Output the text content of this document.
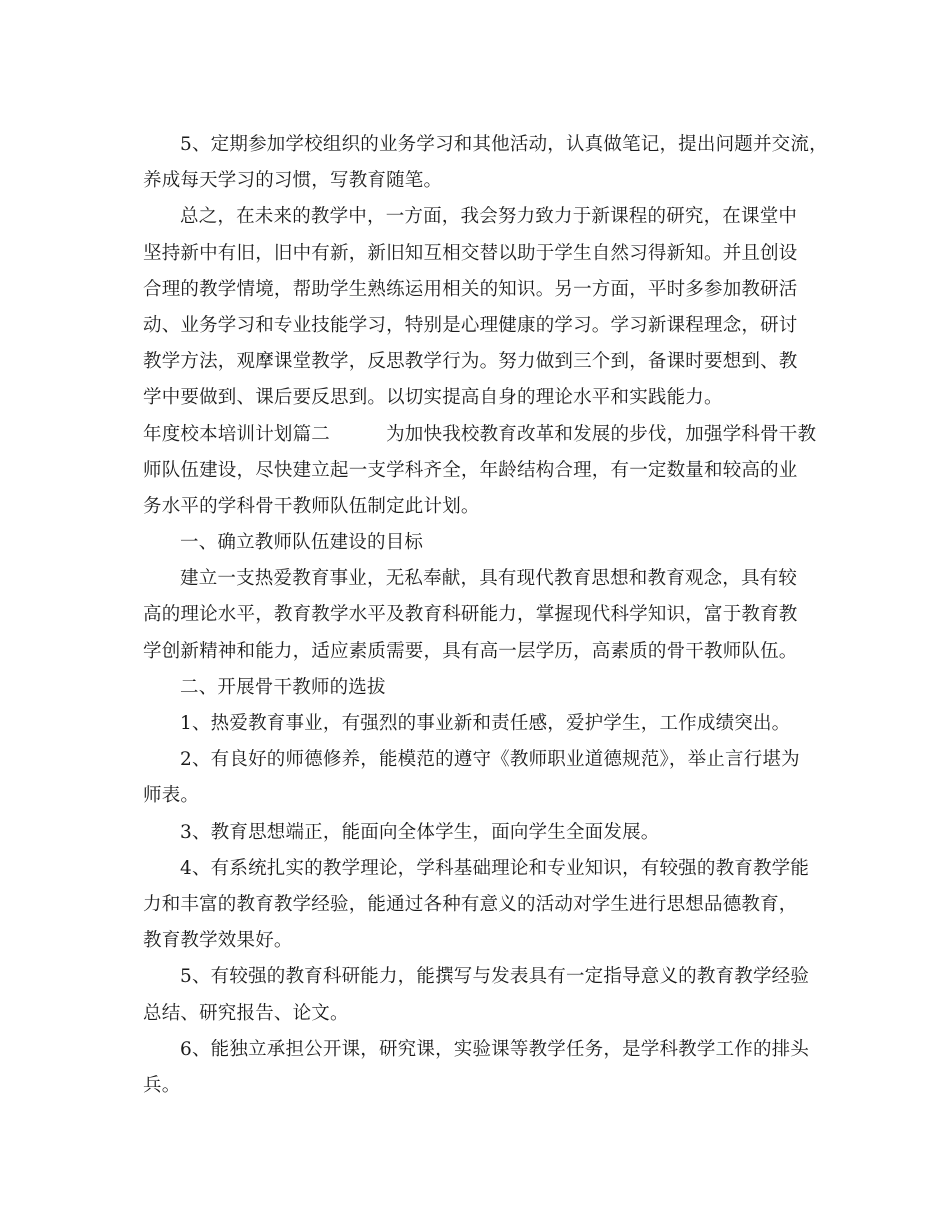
5、定期参加学校组织的业务学习和其他活动，认真做笔记，提出问题并交流，
养成每天学习的习惯，写教育随笔。
总之，在未来的教学中，一方面，我会努力致力于新课程的研究，在课堂中
坚持新中有旧，旧中有新，新旧知互相交替以助于学生自然习得新知。并且创设
合理的教学情境，帮助学生熟练运用相关的知识。另一方面，平时多参加教研活
动、业务学习和专业技能学习，特别是心理健康的学习。学习新课程理念，研讨
教学方法，观摩课堂教学，反思教学行为。努力做到三个到，备课时要想到、教
学中要做到、课后要反思到。以切实提高自身的理论水平和实践能力。
年度校本培训计划篇二　　　为加快我校教育改革和发展的步伐，加强学科骨干教
师队伍建设，尽快建立起一支学科齐全，年龄结构合理，有一定数量和较高的业
务水平的学科骨干教师队伍制定此计划。
一、确立教师队伍建设的目标
建立一支热爱教育事业，无私奉献，具有现代教育思想和教育观念，具有较
高的理论水平，教育教学水平及教育科研能力，掌握现代科学知识，富于教育教
学创新精神和能力，适应素质需要，具有高一层学历，高素质的骨干教师队伍。
二、开展骨干教师的选拔
1、热爱教育事业，有强烈的事业新和责任感，爱护学生，工作成绩突出。
2、有良好的师德修养，能模范的遵守《教师职业道德规范》，举止言行堪为
师表。
3、教育思想端正，能面向全体学生，面向学生全面发展。
4、有系统扎实的教学理论，学科基础理论和专业知识，有较强的教育教学能
力和丰富的教育教学经验，能通过各种有意义的活动对学生进行思想品德教育，
教育教学效果好。
5、有较强的教育科研能力，能撰写与发表具有一定指导意义的教育教学经验
总结、研究报告、论文。
6、能独立承担公开课，研究课，实验课等教学任务，是学科教学工作的排头
兵。
